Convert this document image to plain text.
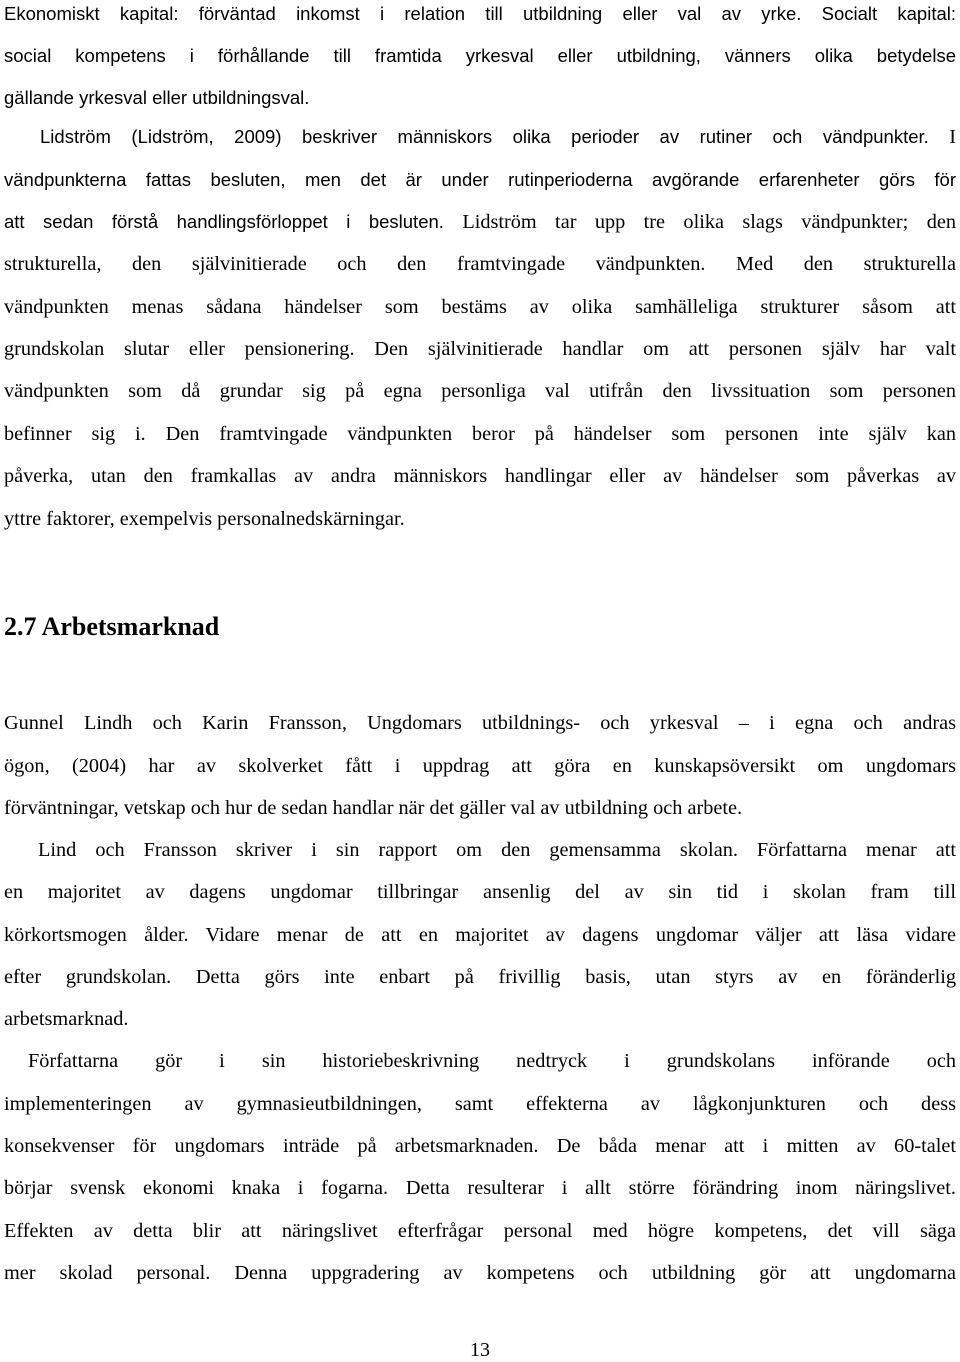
Ekonomiskt kapital: förväntad inkomst i relation till utbildning eller val av yrke. Socialt kapital:
social kompetens i förhållande till framtida yrkesval eller utbildning, vänners olika betydelse
gällande yrkesval eller utbildningsval.
Lidström (Lidström, 2009) beskriver människors olika perioder av rutiner och vändpunkter. I
vändpunkterna fattas besluten, men det är under rutinperioderna avgörande erfarenheter görs för
att sedan förstå handlingsförloppet i besluten. Lidström tar upp tre olika slags vändpunkter; den
strukturella, den självinitierade och den framtvingade vändpunkten. Med den strukturella
vändpunkten menas sådana händelser som bestäms av olika samhälleliga strukturer såsom att
grundskolan slutar eller pensionering. Den självinitierade handlar om att personen själv har valt
vändpunkten som då grundar sig på egna personliga val utifrån den livssituation som personen
befinner sig i. Den framtvingade vändpunkten beror på händelser som personen inte själv kan
påverka, utan den framkallas av andra människors handlingar eller av händelser som påverkas av
yttre faktorer, exempelvis personalnedskärningar.
2.7 Arbetsmarknad
Gunnel Lindh och Karin Fransson, Ungdomars utbildnings- och yrkesval – i egna och andras
ögon, (2004) har av skolverket fått i uppdrag att göra en kunskapsöversikt om ungdomars
förväntningar, vetskap och hur de sedan handlar när det gäller val av utbildning och arbete.
Lind och Fransson skriver i sin rapport om den gemensamma skolan. Författarna menar att
en majoritet av dagens ungdomar tillbringar ansenlig del av sin tid i skolan fram till
körkortsmogen ålder. Vidare menar de att en majoritet av dagens ungdomar väljer att läsa vidare
efter grundskolan. Detta görs inte enbart på frivillig basis, utan styrs av en föränderlig
arbetsmarknad.
Författarna gör i sin historiebeskrivning nedtryck i grundskolans införande och
implementeringen av gymnasieutbildningen, samt effekterna av lågkonjunkturen och dess
konsekvenser för ungdomars inträde på arbetsmarknaden. De båda menar att i mitten av 60-talet
börjar svensk ekonomi knaka i fogarna. Detta resulterar i allt större förändring inom näringslivet.
Effekten av detta blir att näringslivet efterfrågar personal med högre kompetens, det vill säga
mer skolad personal. Denna uppgradering av kompetens och utbildning gör att ungdomarna
13
